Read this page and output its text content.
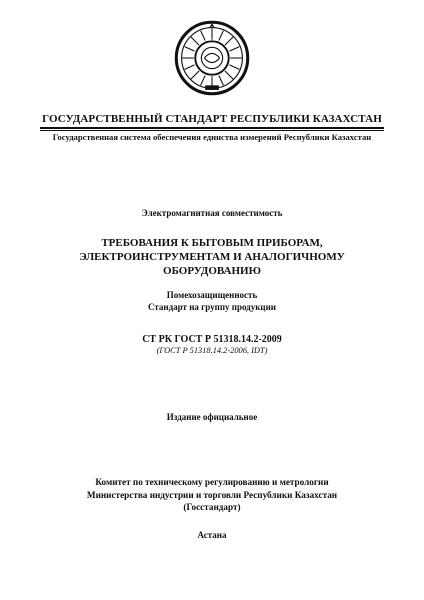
ГОСУДАРСТВЕННЫЙ СТАНДАРТ РЕСПУБЛИКИ КАЗАХСТАН
Государственная система обеспечения единства измерений Республики Казахстан
Электромагнитная совместимость
ТРЕБОВАНИЯ К БЫТОВЫМ ПРИБОРАМ,
ЭЛЕКТРОИНСТРУМЕНТАМ И АНАЛОГИЧНОМУ
ОБОРУДОВАНИЮ
Помехозащищенность
Стандарт на группу продукции
СТ РК ГОСТ Р 51318.14.2-2009
(ГОСТ Р 51318.14.2-2006, IDT)
Издание официальное
Комитет по техническому регулированию и метрологии
Министерства индустрии и торговли Республики Казахстан
(Госстандарт)
Астана
